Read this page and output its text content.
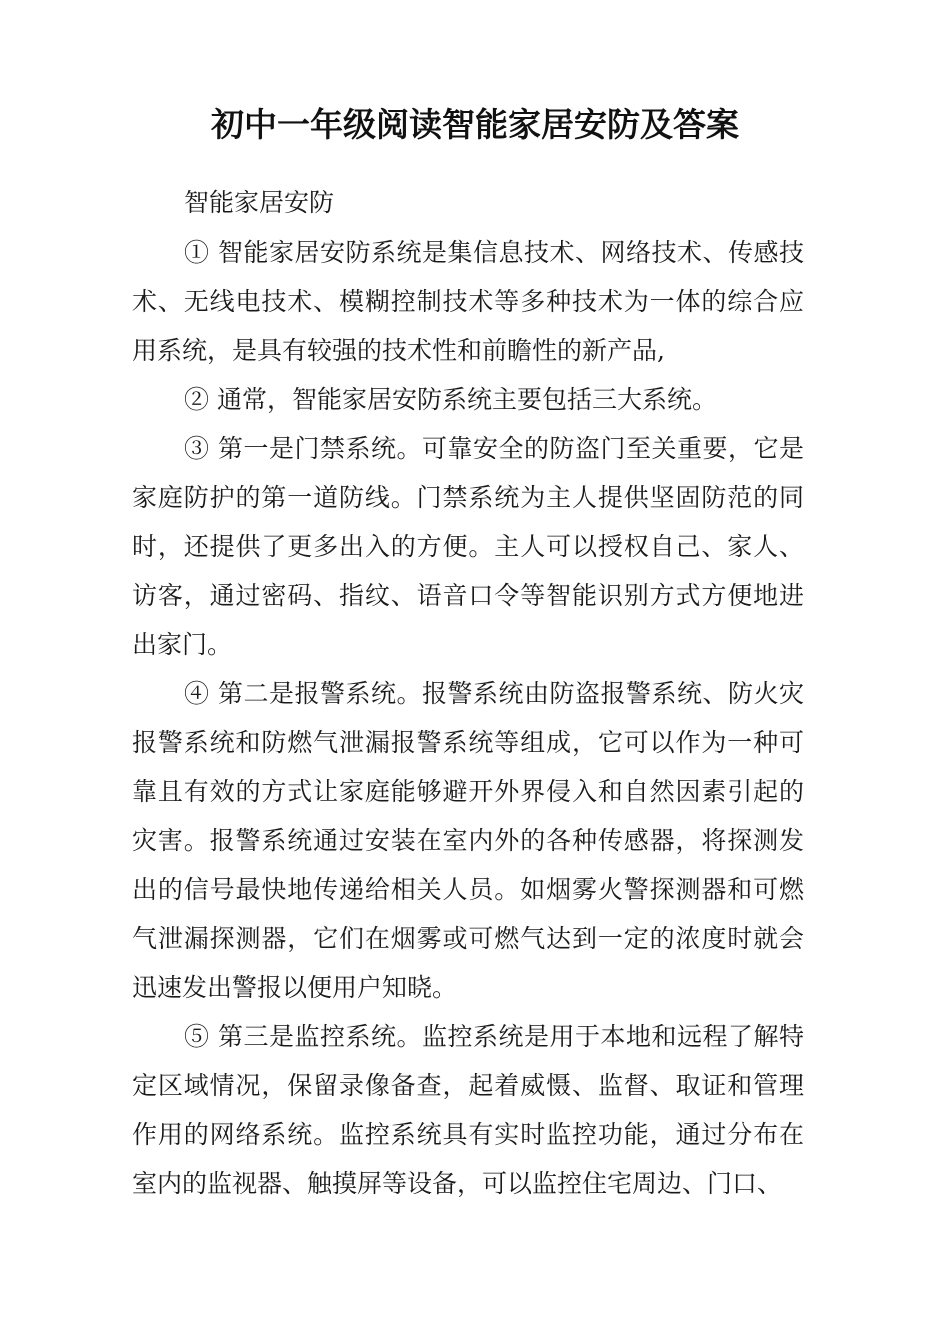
初中一年级阅读智能家居安防及答案

智能家居安防

① 智能家居安防系统是集信息技术、网络技术、传感技术、无线电技术、模糊控制技术等多种技术为一体的综合应用系统，是具有较强的技术性和前瞻性的新产品,

② 通常，智能家居安防系统主要包括三大系统。

③ 第一是门禁系统。可靠安全的防盗门至关重要，它是家庭防护的第一道防线。门禁系统为主人提供坚固防范的同时，还提供了更多出入的方便。主人可以授权自己、家人、访客，通过密码、指纹、语音口令等智能识别方式方便地进出家门。

④ 第二是报警系统。报警系统由防盗报警系统、防火灾报警系统和防燃气泄漏报警系统等组成，它可以作为一种可靠且有效的方式让家庭能够避开外界侵入和自然因素引起的灾害。报警系统通过安装在室内外的各种传感器，将探测发出的信号最快地传递给相关人员。如烟雾火警探测器和可燃气泄漏探测器，它们在烟雾或可燃气达到一定的浓度时就会迅速发出警报以便用户知晓。

⑤ 第三是监控系统。监控系统是用于本地和远程了解特定区域情况，保留录像备查，起着威慑、监督、取证和管理作用的网络系统。监控系统具有实时监控功能，通过分布在室内的监视器、触摸屏等设备，可以监控住宅周边、门口、
